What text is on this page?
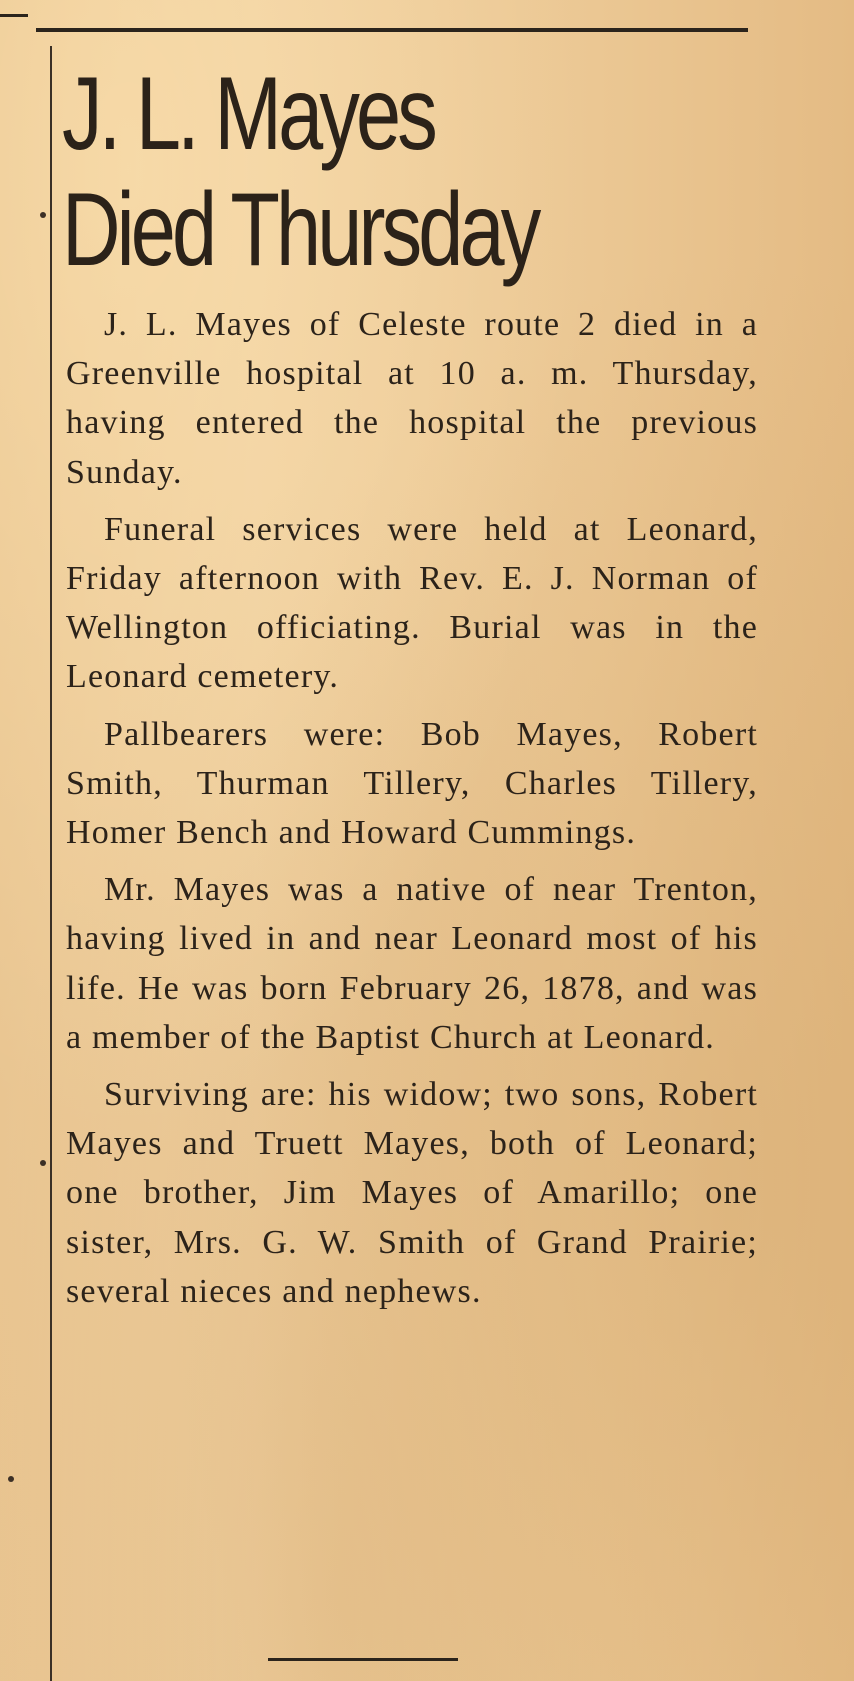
J. L. Mayes
Died Thursday

J. L. Mayes of Celeste route 2 died in a Greenville hospital at 10 a. m. Thursday, having entered the hospital the previous Sunday.

Funeral services were held at Leonard, Friday afternoon with Rev. E. J. Norman of Wellington officiating. Burial was in the Leonard cemetery.

Pallbearers were: Bob Mayes, Robert Smith, Thurman Tillery, Charles Tillery, Homer Bench and Howard Cummings.

Mr. Mayes was a native of near Trenton, having lived in and near Leonard most of his life. He was born February 26, 1878, and was a member of the Baptist Church at Leonard.

Surviving are: his widow; two sons, Robert Mayes and Truett Mayes, both of Leonard; one brother, Jim Mayes of Amarillo; one sister, Mrs. G. W. Smith of Grand Prairie; several nieces and nephews.
